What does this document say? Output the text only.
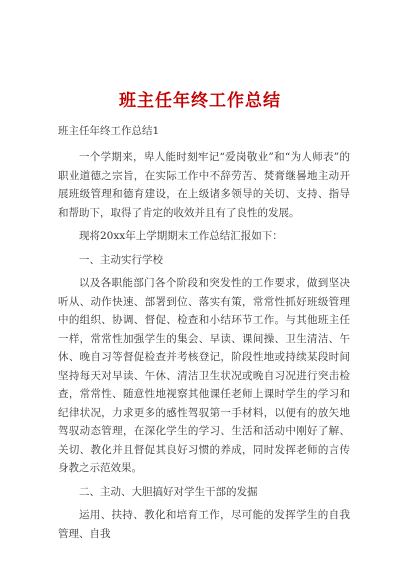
班主任年终工作总结
班主任年终工作总结1

一个学期来，卑人能时刻牢记“爱岗敬业”和“为人师表”的职业道德之宗旨，在实际工作中不辞劳苦、焚膏继晷地主动开展班级管理和德育建设，在上级诸多领导的关切、支持、指导和帮助下，取得了肯定的收效并且有了良性的发展。

现将20xx年上学期期末工作总结汇报如下：

一、主动实行学校

以及各职能部门各个阶段和突发性的工作要求，做到坚决听从、动作快速、部署到位、落实有策，常常性抓好班级管理中的组织、协调、督促、检查和小结环节工作。与其他班主任一样，常常性加强学生的集会、早读、课间操、卫生清洁、午休、晚自习等督促检查并考核登记，阶段性地或持续某段时间坚持每天对早读、午休、清洁卫生状况或晚自习况进行突击检查，常常性、随意性地视察其他课任老师上课时学生的学习和纪律状况，力求更多的感性驾驭第一手材料，以便有的放矢地驾驭动态管理，在深化学生的学习、生活和活动中刚好了解、关切、教化并且督促其良好习惯的养成，同时发挥老师的言传身教之示范效果。

二、主动、大胆搞好对学生干部的发掘

运用、扶持、教化和培育工作，尽可能的发挥学生的自我管理、自我
